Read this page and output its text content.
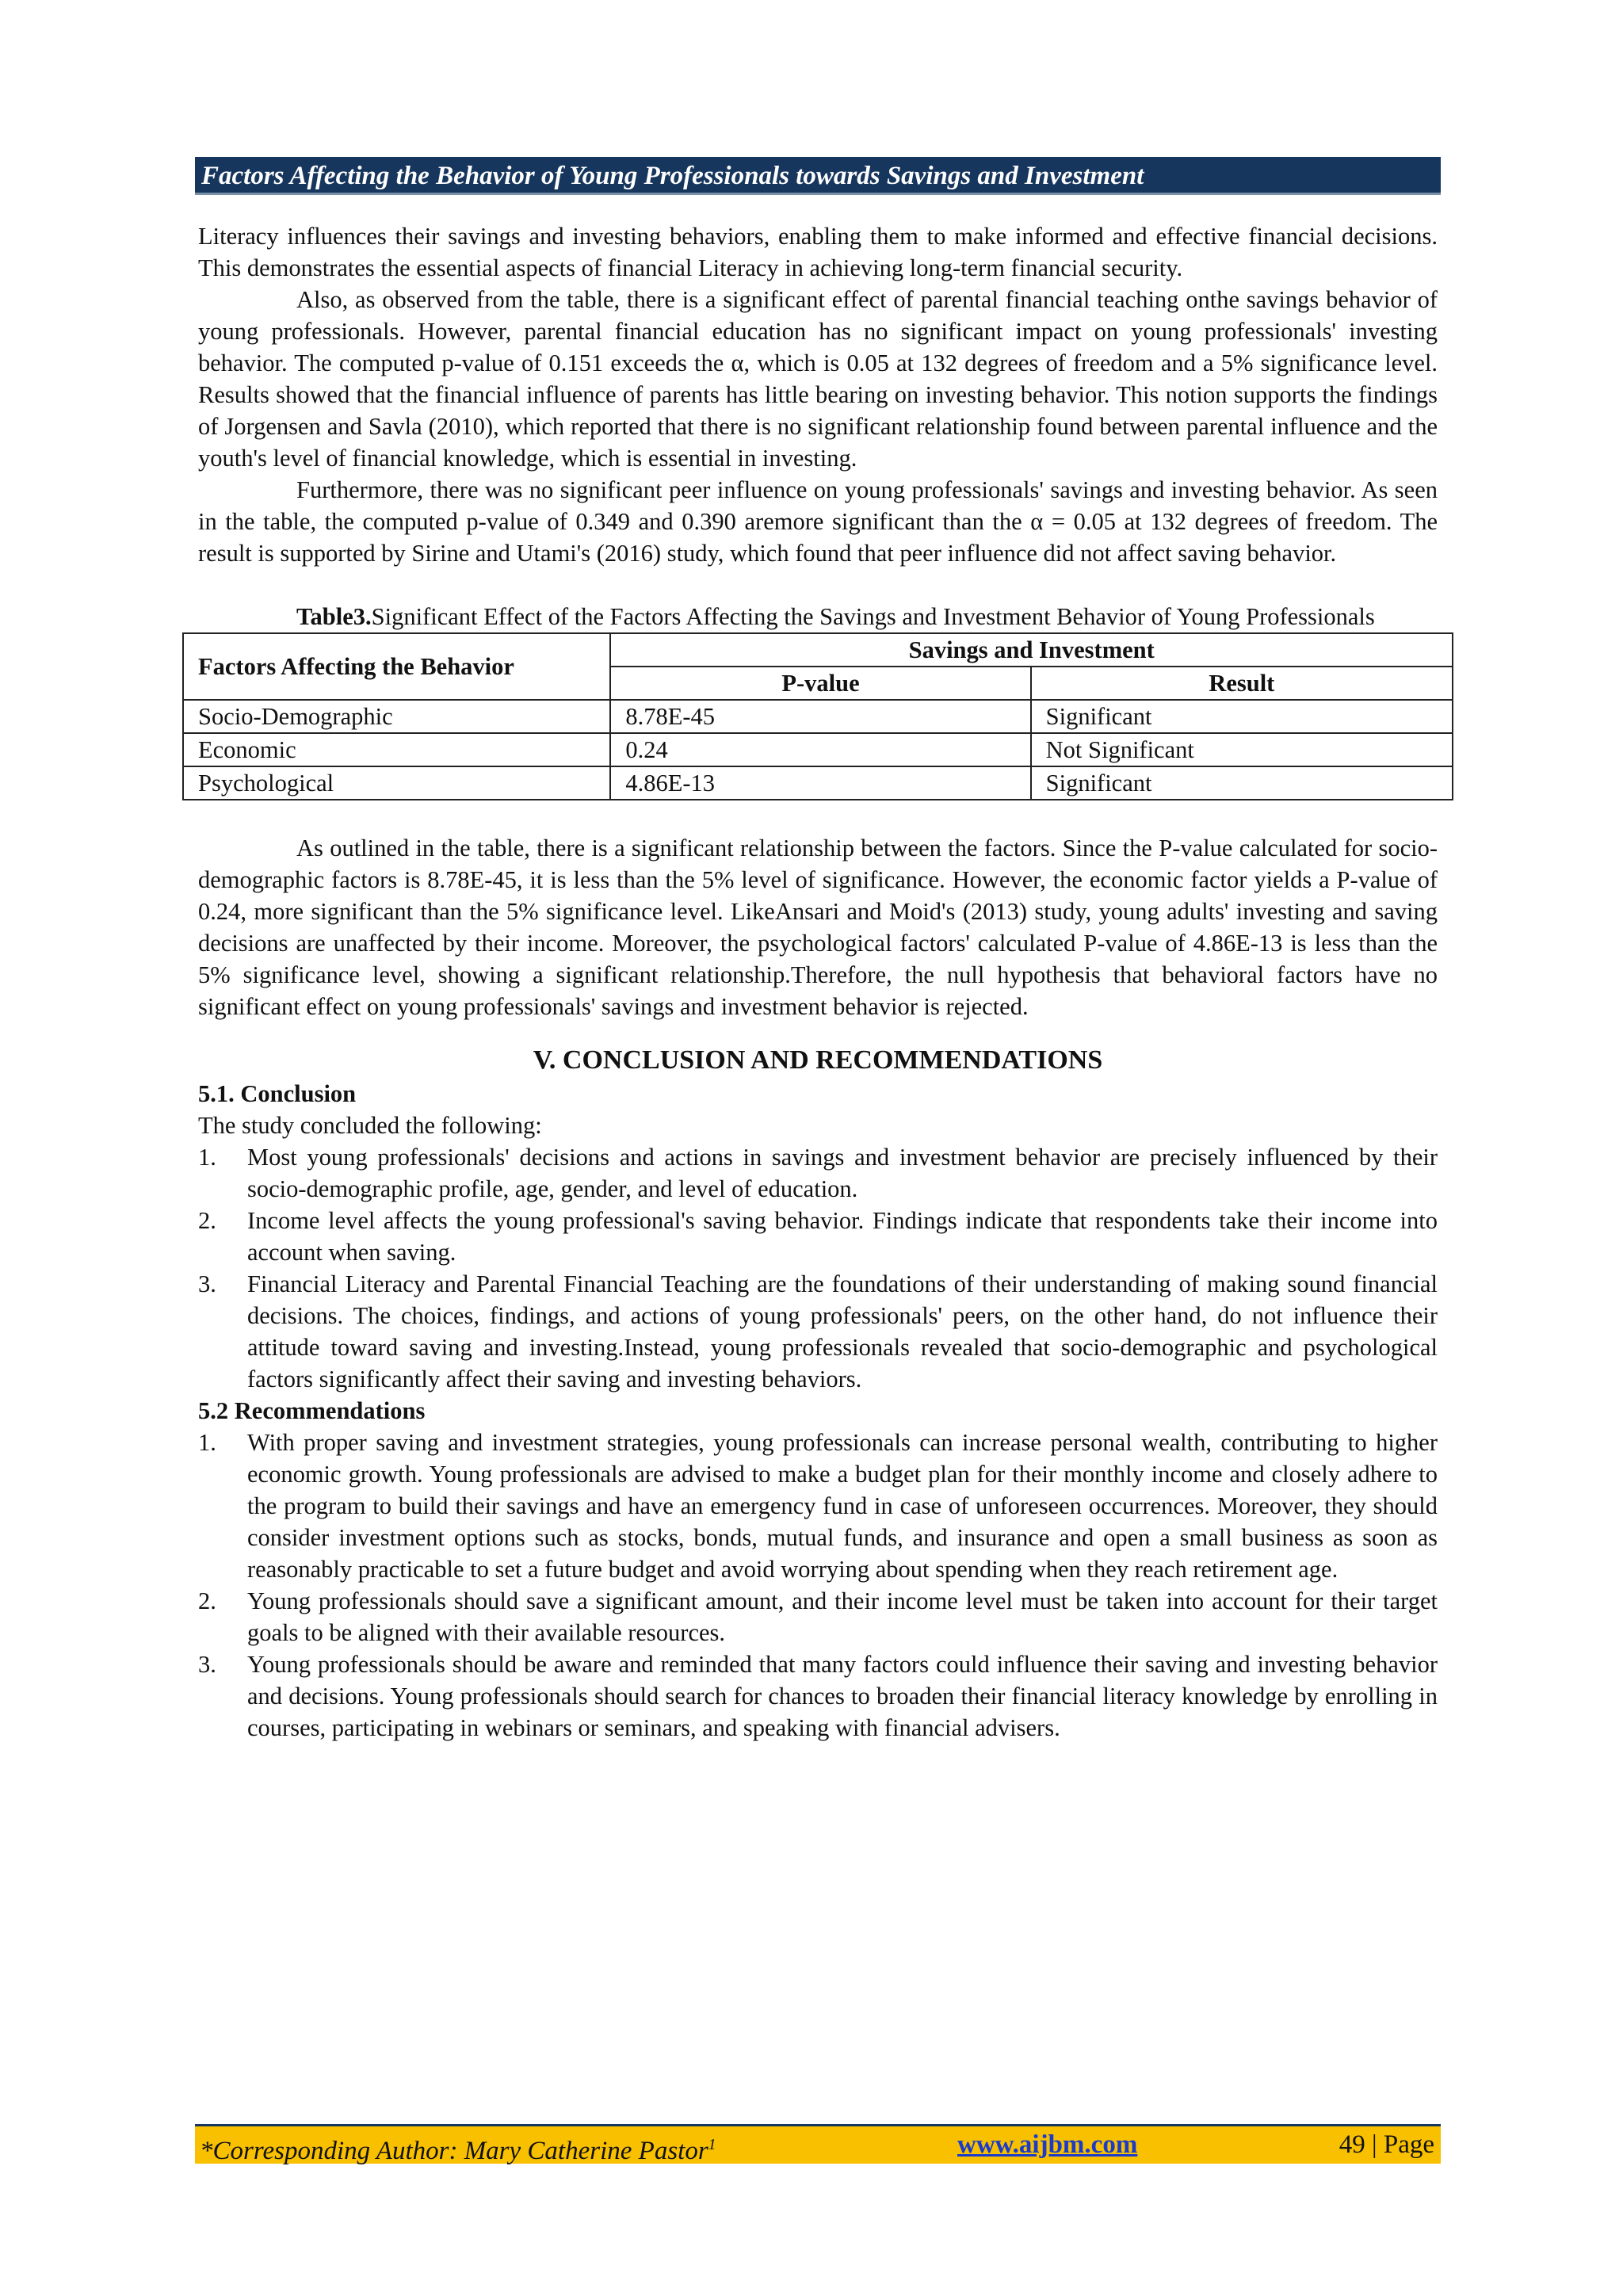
Factors Affecting the Behavior of Young Professionals towards Savings and Investment

Literacy influences their savings and investing behaviors, enabling them to make informed and effective financial decisions. This demonstrates the essential aspects of financial Literacy in achieving long-term financial security.

Also, as observed from the table, there is a significant effect of parental financial teaching onthe savings behavior of young professionals. However, parental financial education has no significant impact on young professionals' investing behavior. The computed p-value of 0.151 exceeds the α, which is 0.05 at 132 degrees of freedom and a 5% significance level. Results showed that the financial influence of parents has little bearing on investing behavior. This notion supports the findings of Jorgensen and Savla (2010), which reported that there is no significant relationship found between parental influence and the youth's level of financial knowledge, which is essential in investing.

Furthermore, there was no significant peer influence on young professionals' savings and investing behavior. As seen in the table, the computed p-value of 0.349 and 0.390 aremore significant than the α = 0.05 at 132 degrees of freedom. The result is supported by Sirine and Utami's (2016) study, which found that peer influence did not affect saving behavior.

Table3.Significant Effect of the Factors Affecting the Savings and Investment Behavior of Young Professionals

Factors Affecting the Behavior	Savings and Investment	
	P-value	Result
Socio-Demographic	8.78E-45	Significant
Economic	0.24	Not Significant
Psychological	4.86E-13	Significant

As outlined in the table, there is a significant relationship between the factors. Since the P-value calculated for socio-demographic factors is 8.78E-45, it is less than the 5% level of significance. However, the economic factor yields a P-value of 0.24, more significant than the 5% significance level. LikeAnsari and Moid's (2013) study, young adults' investing and saving decisions are unaffected by their income. Moreover, the psychological factors' calculated P-value of 4.86E-13 is less than the 5% significance level, showing a significant relationship.Therefore, the null hypothesis that behavioral factors have no significant effect on young professionals' savings and investment behavior is rejected.

V. CONCLUSION AND RECOMMENDATIONS
5.1. Conclusion

The study concluded the following:

1. Most young professionals' decisions and actions in savings and investment behavior are precisely influenced by their socio-demographic profile, age, gender, and level of education.
2. Income level affects the young professional's saving behavior. Findings indicate that respondents take their income into account when saving.
3. Financial Literacy and Parental Financial Teaching are the foundations of their understanding of making sound financial decisions. The choices, findings, and actions of young professionals' peers, on the other hand, do not influence their attitude toward saving and investing.Instead, young professionals revealed that socio-demographic and psychological factors significantly affect their saving and investing behaviors.
5.2 Recommendations
1. With proper saving and investment strategies, young professionals can increase personal wealth, contributing to higher economic growth. Young professionals are advised to make a budget plan for their monthly income and closely adhere to the program to build their savings and have an emergency fund in case of unforeseen occurrences. Moreover, they should consider investment options such as stocks, bonds, mutual funds, and insurance and open a small business as soon as reasonably practicable to set a future budget and avoid worrying about spending when they reach retirement age.
2. Young professionals should save a significant amount, and their income level must be taken into account for their target goals to be aligned with their available resources.
3. Young professionals should be aware and reminded that many factors could influence their saving and investing behavior and decisions. Young professionals should search for chances to broaden their financial literacy knowledge by enrolling in courses, participating in webinars or seminars, and speaking with financial advisers.
*Corresponding Author: Mary Catherine Pastor$^1$	www.aijbm.com	49 | Page
